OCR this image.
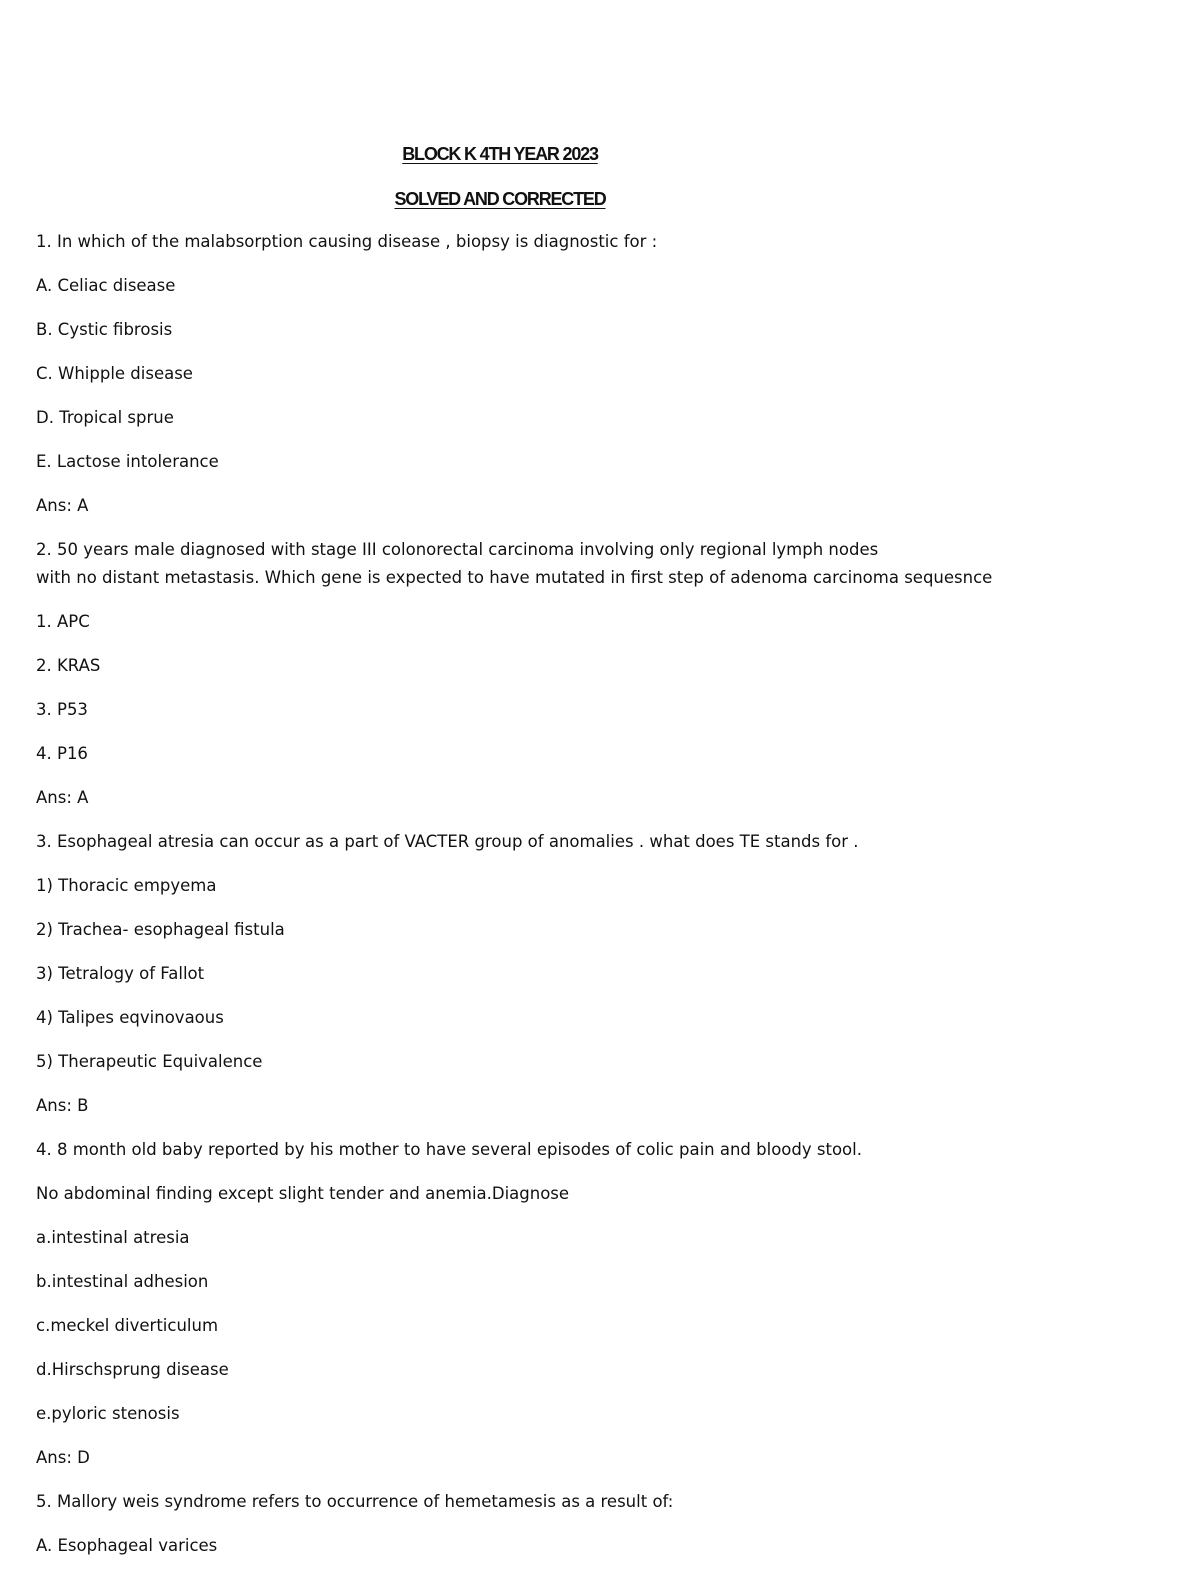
BLOCK K 4TH YEAR 2023
SOLVED AND CORRECTED
1. In which of the malabsorption causing disease , biopsy is diagnostic for :
A. Celiac disease
B. Cystic fibrosis
C. Whipple disease
D. Tropical sprue
E. Lactose intolerance
Ans: A
2. 50 years male diagnosed with stage III colonorectal carcinoma involving only regional lymph nodes
with no distant metastasis. Which gene is expected to have mutated in first step of adenoma carcinoma sequesnce
1. APC
2. KRAS
3. P53
4. P16
Ans: A
3. Esophageal atresia can occur as a part of VACTER group of anomalies . what does TE stands for .
1) Thoracic empyema
2) Trachea- esophageal fistula
3) Tetralogy of Fallot
4) Talipes eqvinovaous
5) Therapeutic Equivalence
Ans: B
4. 8 month old baby reported by his mother to have several episodes of colic pain and bloody stool.
No abdominal finding except slight tender and anemia.Diagnose
a.intestinal atresia
b.intestinal adhesion
c.meckel diverticulum
d.Hirschsprung disease
e.pyloric stenosis
Ans: D
5. Mallory weis syndrome refers to occurrence of hemetamesis as a result of:
A. Esophageal varices
